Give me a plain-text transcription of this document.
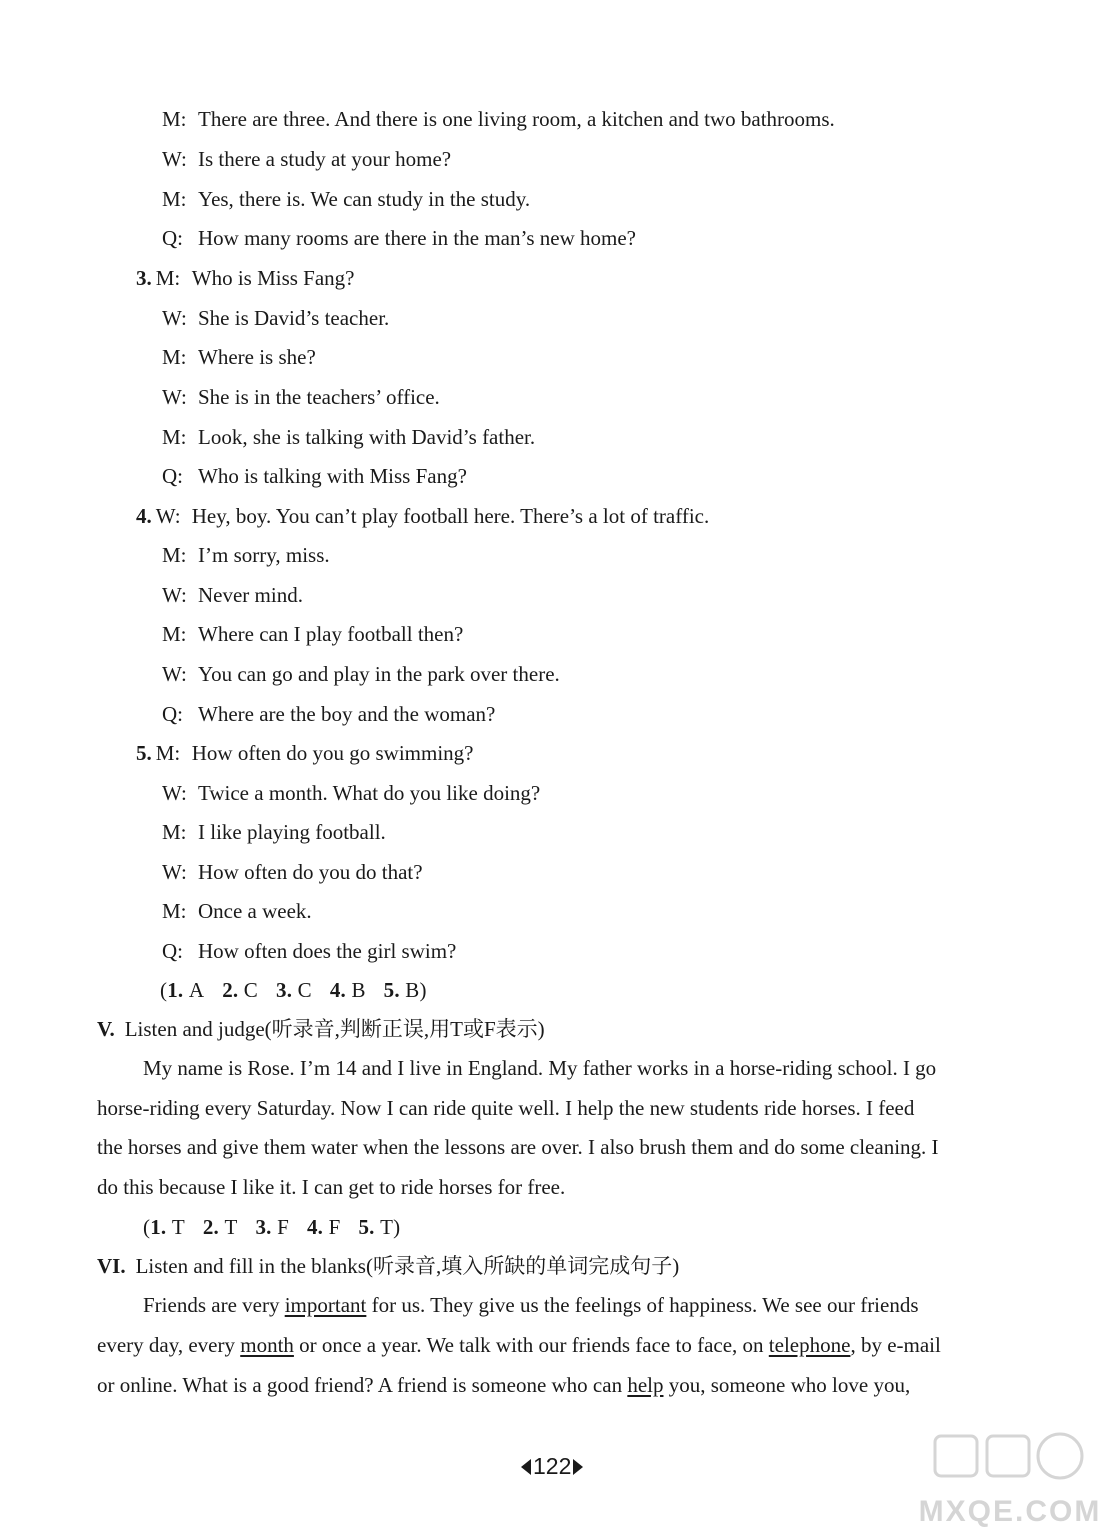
M: There are three. And there is one living room, a kitchen and two bathrooms.
W: Is there a study at your home?
M: Yes, there is. We can study in the study.
Q: How many rooms are there in the man’s new home?
3. M: Who is Miss Fang?
W: She is David’s teacher.
M: Where is she?
W: She is in the teachers’ office.
M: Look, she is talking with David’s father.
Q: Who is talking with Miss Fang?
4. W: Hey, boy. You can’t play football here. There’s a lot of traffic.
M: I’m sorry, miss.
W: Never mind.
M: Where can I play football then?
W: You can go and play in the park over there.
Q: Where are the boy and the woman?
5. M: How often do you go swimming?
W: Twice a month. What do you like doing?
M: I like playing football.
W: How often do you do that?
M: Once a week.
Q: How often does the girl swim?
(1. A 2. C 3. C 4. B 5. B)
V. Listen and judge(听录音,判断正误,用T或F表示)
My name is Rose. I’m 14 and I live in England. My father works in a horse-riding school. I go
horse-riding every Saturday. Now I can ride quite well. I help the new students ride horses. I feed
the horses and give them water when the lessons are over. I also brush them and do some cleaning. I
do this because I like it. I can get to ride horses for free.
(1. T 2. T 3. F 4. F 5. T)
VI. Listen and fill in the blanks(听录音,填入所缺的单词完成句子)
Friends are very important for us. They give us the feelings of happiness. We see our friends
every day, every month or once a year. We talk with our friends face to face, on telephone, by e-mail
or online. What is a good friend? A friend is someone who can help you, someone who love you,
122
MXQE.COM
